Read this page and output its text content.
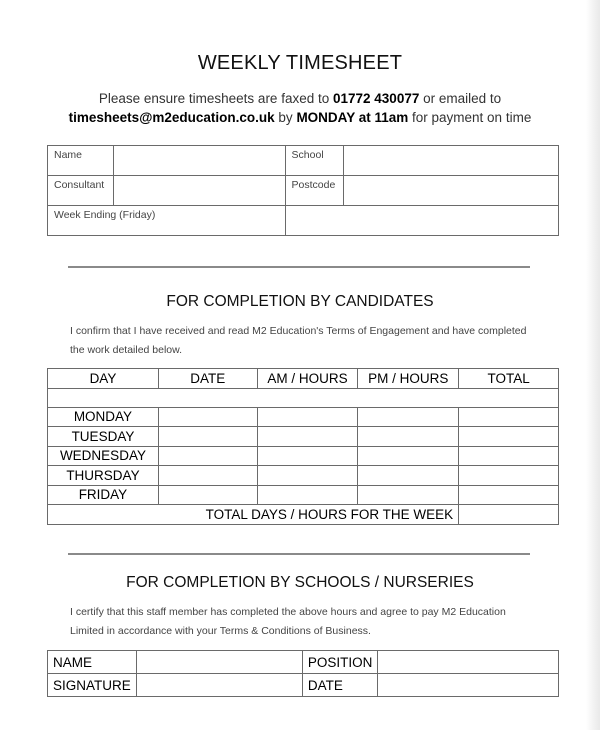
WEEKLY TIMESHEET
Please ensure timesheets are faxed to 01772 430077 or emailed to
timesheets@m2education.co.uk by MONDAY at 11am for payment on time
Name		School	
Consultant		Postcode	
Week Ending (Friday)			
FOR COMPLETION BY CANDIDATES
I confirm that I have received and read M2 Education's Terms of Engagement and have completed the work detailed below.
DAY	DATE	AM / HOURS	PM / HOURS	TOTAL

MONDAY				
TUESDAY				
WEDNESDAY				
THURSDAY				
FRIDAY				
TOTAL DAYS / HOURS FOR THE WEEK				
FOR COMPLETION BY SCHOOLS / NURSERIES
I certify that this staff member has completed the above hours and agree to pay M2 Education Limited in accordance with your Terms & Conditions of Business.
NAME		POSITION	
SIGNATURE		DATE	
